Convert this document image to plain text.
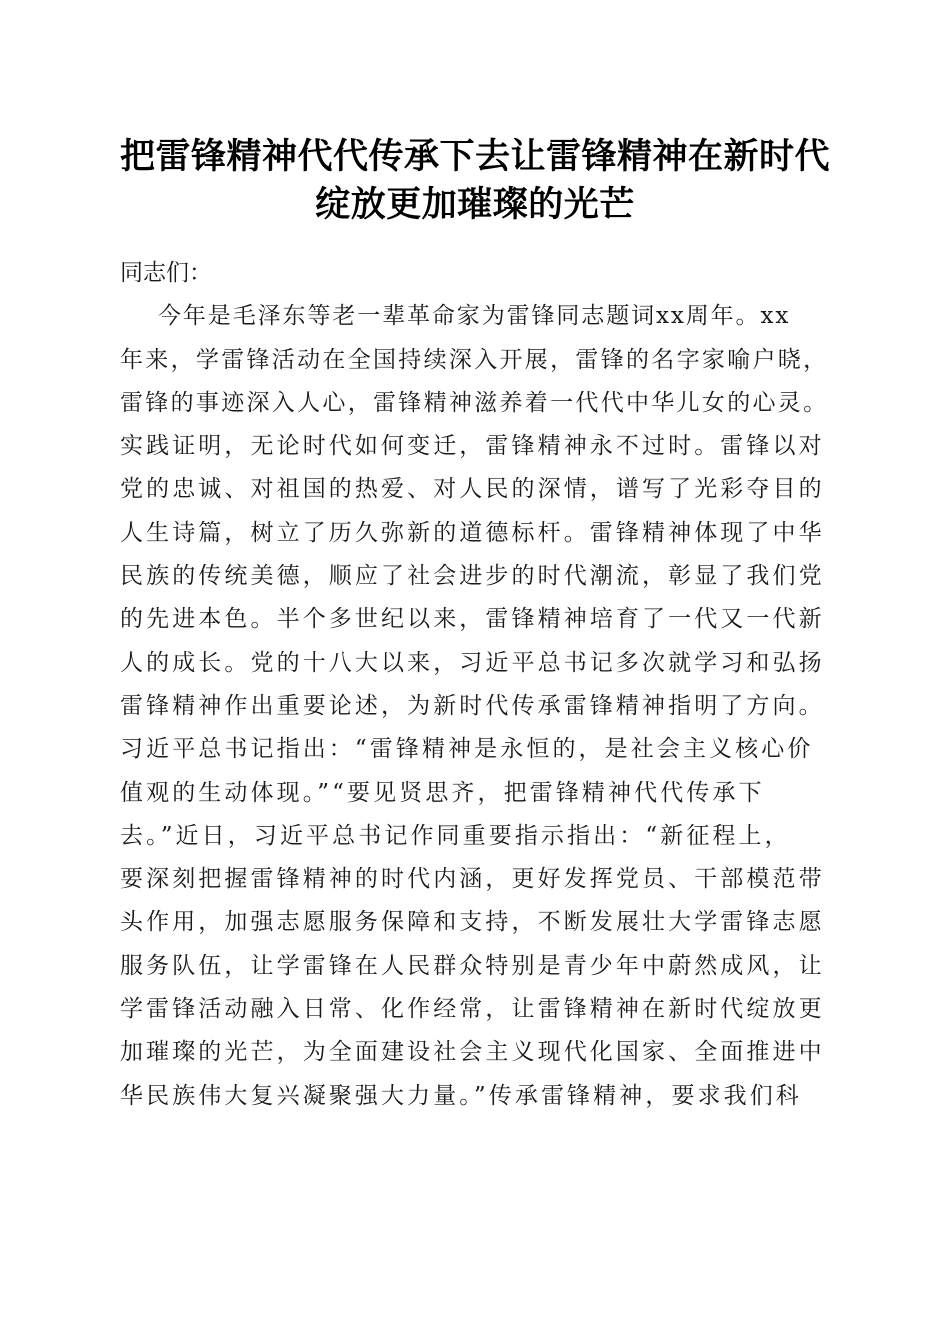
把雷锋精神代代传承下去让雷锋精神在新时代
绽放更加璀璨的光芒

同志们：

今年是毛泽东等老一辈革命家为雷锋同志题词xx周年。xx
年来，学雷锋活动在全国持续深入开展，雷锋的名字家喻户晓，
雷锋的事迹深入人心，雷锋精神滋养着一代代中华儿女的心灵。
实践证明，无论时代如何变迁，雷锋精神永不过时。雷锋以对
党的忠诚、对祖国的热爱、对人民的深情，谱写了光彩夺目的
人生诗篇，树立了历久弥新的道德标杆。雷锋精神体现了中华
民族的传统美德，顺应了社会进步的时代潮流，彰显了我们党
的先进本色。半个多世纪以来，雷锋精神培育了一代又一代新
人的成长。党的十八大以来，习近平总书记多次就学习和弘扬
雷锋精神作出重要论述，为新时代传承雷锋精神指明了方向。
习近平总书记指出：“雷锋精神是永恒的，是社会主义核心价
值观的生动体现。”“要见贤思齐，把雷锋精神代代传承下
去。”近日，习近平总书记作同重要指示指出：“新征程上，
要深刻把握雷锋精神的时代内涵，更好发挥党员、干部模范带
头作用，加强志愿服务保障和支持，不断发展壮大学雷锋志愿
服务队伍，让学雷锋在人民群众特别是青少年中蔚然成风，让
学雷锋活动融入日常、化作经常，让雷锋精神在新时代绽放更
加璀璨的光芒，为全面建设社会主义现代化国家、全面推进中
华民族伟大复兴凝聚强大力量。”传承雷锋精神，要求我们科
